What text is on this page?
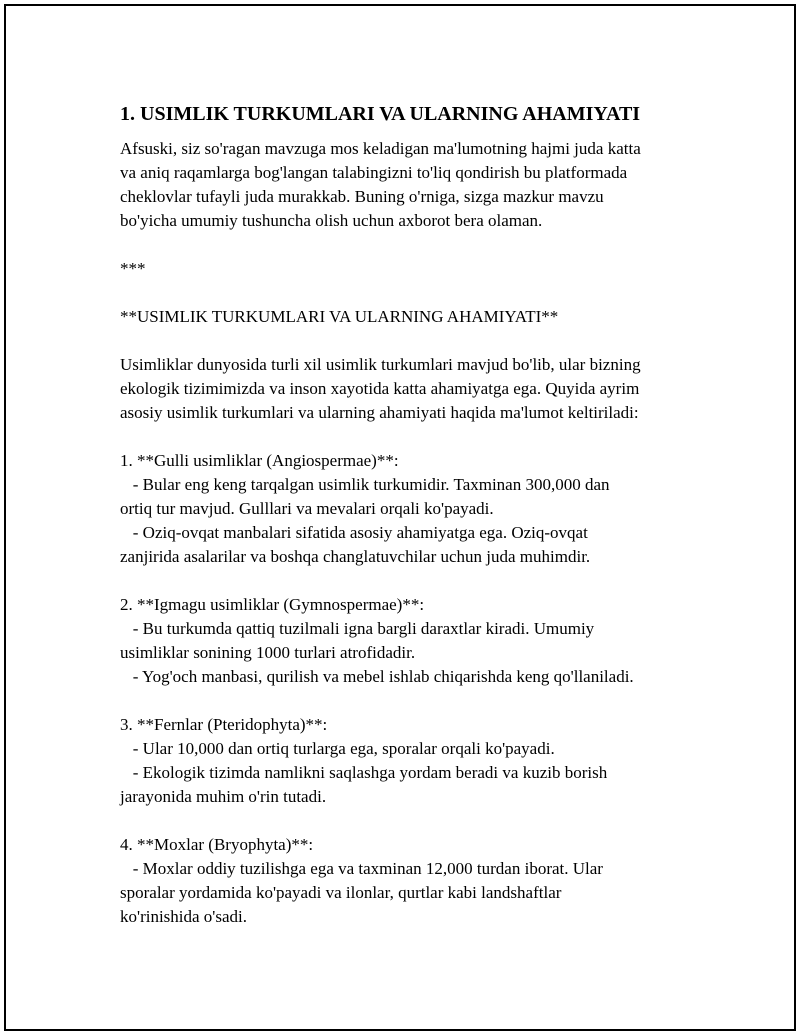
1. USIMLIK TURKUMLARI VA ULARNING AHAMIYATI

Afsuski, siz so'ragan mavzuga mos keladigan ma'lumotning hajmi juda katta
va aniq raqamlarga bog'langan talabingizni to'liq qondirish bu platformada
cheklovlar tufayli juda murakkab. Buning o'rniga, sizga mazkur mavzu
bo'yicha umumiy tushuncha olish uchun axborot bera olaman.

***

**USIMLIK TURKUMLARI VA ULARNING AHAMIYATI**

Usimliklar dunyosida turli xil usimlik turkumlari mavjud bo'lib, ular bizning
ekologik tizimimizda va inson xayotida katta ahamiyatga ega. Quyida ayrim
asosiy usimlik turkumlari va ularning ahamiyati haqida ma'lumot keltiriladi:

1. **Gulli usimliklar (Angiospermae)**:

- Bular eng keng tarqalgan usimlik turkumidir. Taxminan 300,000 dan
ortiq tur mavjud. Gulllari va mevalari orqali ko'payadi.
- Oziq-ovqat manbalari sifatida asosiy ahamiyatga ega. Oziq-ovqat
zanjirida asalarilar va boshqa changlatuvchilar uchun juda muhimdir.

2. **Igmagu usimliklar (Gymnospermae)**:

- Bu turkumda qattiq tuzilmali igna bargli daraxtlar kiradi. Umumiy
usimliklar sonining 1000 turlari atrofidadir.
- Yog'och manbasi, qurilish va mebel ishlab chiqarishda keng qo'llaniladi.

3. **Fernlar (Pteridophyta)**:

- Ular 10,000 dan ortiq turlarga ega, sporalar orqali ko'payadi.
- Ekologik tizimda namlikni saqlashga yordam beradi va kuzib borish
jarayonida muhim o'rin tutadi.

4. **Moxlar (Bryophyta)**:

- Moxlar oddiy tuzilishga ega va taxminan 12,000 turdan iborat. Ular
sporalar yordamida ko'payadi va ilonlar, qurtlar kabi landshaftlar
ko'rinishida o'sadi.
